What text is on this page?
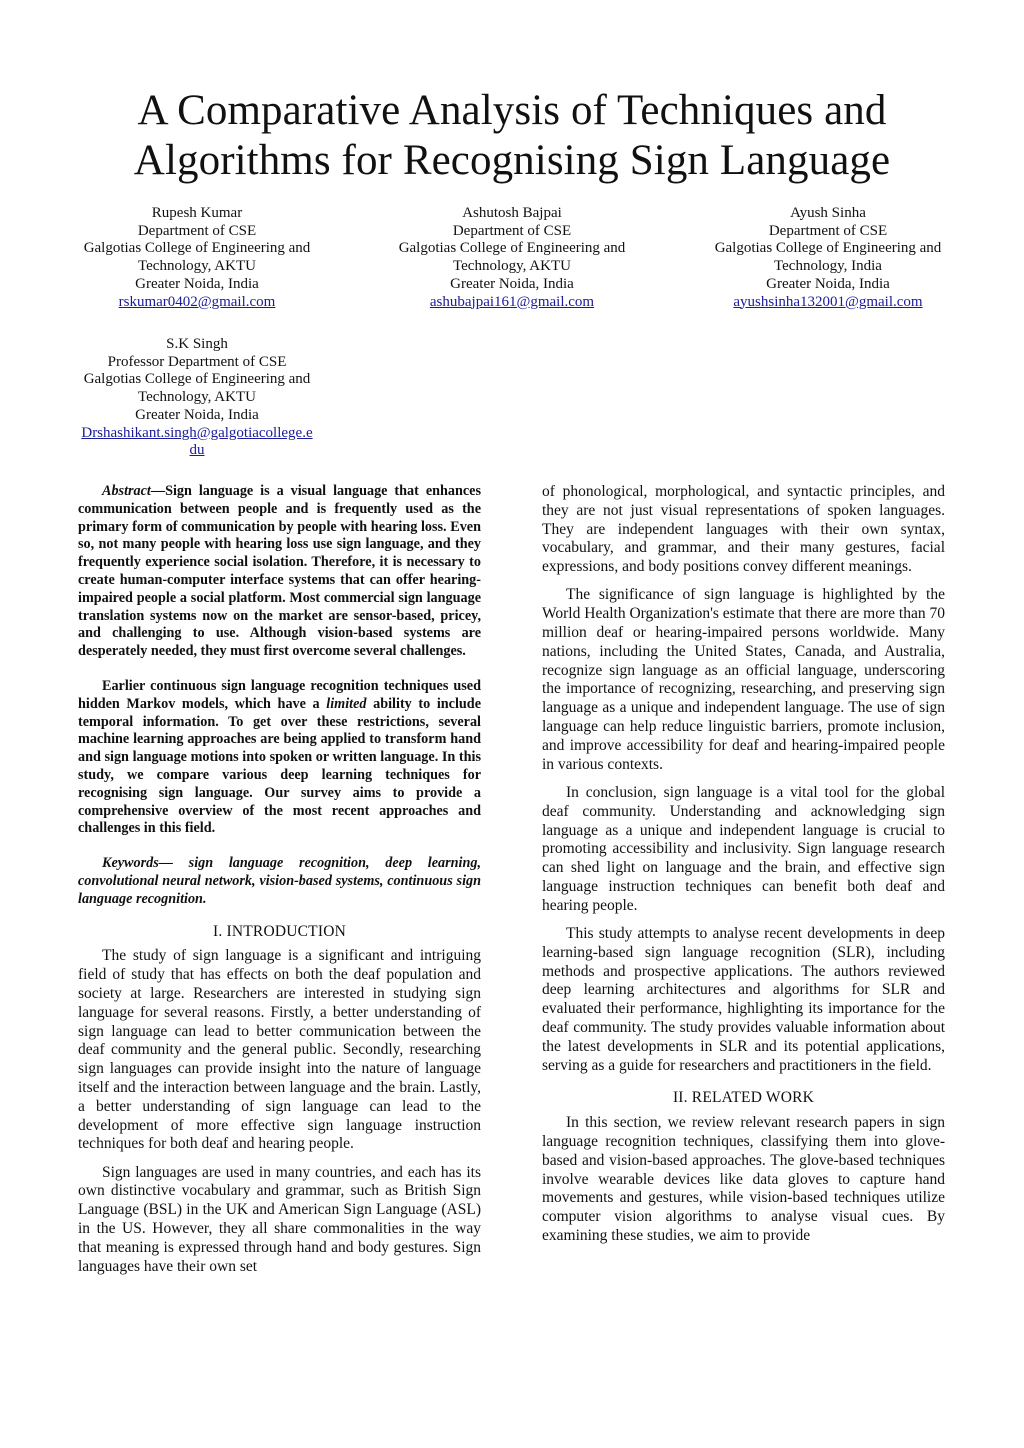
A Comparative Analysis of Techniques and
Algorithms for Recognising Sign Language
Rupesh Kumar
Department of CSE
Galgotias College of Engineering and
Technology, AKTU
Greater Noida, India
rskumar0402@gmail.com
Ashutosh Bajpai
Department of CSE
Galgotias College of Engineering and
Technology, AKTU
Greater Noida, India
ashubajpai161@gmail.com
Ayush Sinha
Department of CSE
Galgotias College of Engineering and
Technology, India
Greater Noida, India
ayushsinha132001@gmail.com
S.K Singh
Professor Department of CSE
Galgotias College of Engineering and
Technology, AKTU
Greater Noida, India
Drshashikant.singh@galgotiacollege.e
du

Abstract—Sign language is a visual language that enhances communication between people and is frequently used as the primary form of communication by people with hearing loss. Even so, not many people with hearing loss use sign language, and they frequently experience social isolation. Therefore, it is necessary to create human-computer interface systems that can offer hearing-impaired people a social platform. Most commercial sign language translation systems now on the market are sensor-based, pricey, and challenging to use. Although vision-based systems are desperately needed, they must first overcome several challenges.

Earlier continuous sign language recognition techniques used hidden Markov models, which have a limited ability to include temporal information. To get over these restrictions, several machine learning approaches are being applied to transform hand and sign language motions into spoken or written language. In this study, we compare various deep learning techniques for recognising sign language. Our survey aims to provide a comprehensive overview of the most recent approaches and challenges in this field.

Keywords— sign language recognition, deep learning, convolutional neural network, vision-based systems, continuous sign language recognition.

I. INTRODUCTION

The study of sign language is a significant and intriguing field of study that has effects on both the deaf population and society at large. Researchers are interested in studying sign language for several reasons. Firstly, a better understanding of sign language can lead to better communication between the deaf community and the general public. Secondly, researching sign languages can provide insight into the nature of language itself and the interaction between language and the brain. Lastly, a better understanding of sign language can lead to the development of more effective sign language instruction techniques for both deaf and hearing people.

Sign languages are used in many countries, and each has its own distinctive vocabulary and grammar, such as British Sign Language (BSL) in the UK and American Sign Language (ASL) in the US. However, they all share commonalities in the way that meaning is expressed through hand and body gestures. Sign languages have their own set

of phonological, morphological, and syntactic principles, and they are not just visual representations of spoken languages. They are independent languages with their own syntax, vocabulary, and grammar, and their many gestures, facial expressions, and body positions convey different meanings.

The significance of sign language is highlighted by the World Health Organization's estimate that there are more than 70 million deaf or hearing-impaired persons worldwide. Many nations, including the United States, Canada, and Australia, recognize sign language as an official language, underscoring the importance of recognizing, researching, and preserving sign language as a unique and independent language. The use of sign language can help reduce linguistic barriers, promote inclusion, and improve accessibility for deaf and hearing-impaired people in various contexts.

In conclusion, sign language is a vital tool for the global deaf community. Understanding and acknowledging sign language as a unique and independent language is crucial to promoting accessibility and inclusivity. Sign language research can shed light on language and the brain, and effective sign language instruction techniques can benefit both deaf and hearing people.

This study attempts to analyse recent developments in deep learning-based sign language recognition (SLR), including methods and prospective applications. The authors reviewed deep learning architectures and algorithms for SLR and evaluated their performance, highlighting its importance for the deaf community. The study provides valuable information about the latest developments in SLR and its potential applications, serving as a guide for researchers and practitioners in the field.

II. RELATED WORK

In this section, we review relevant research papers in sign language recognition techniques, classifying them into glove-based and vision-based approaches. The glove-based techniques involve wearable devices like data gloves to capture hand movements and gestures, while vision-based techniques utilize computer vision algorithms to analyse visual cues. By examining these studies, we aim to provide
